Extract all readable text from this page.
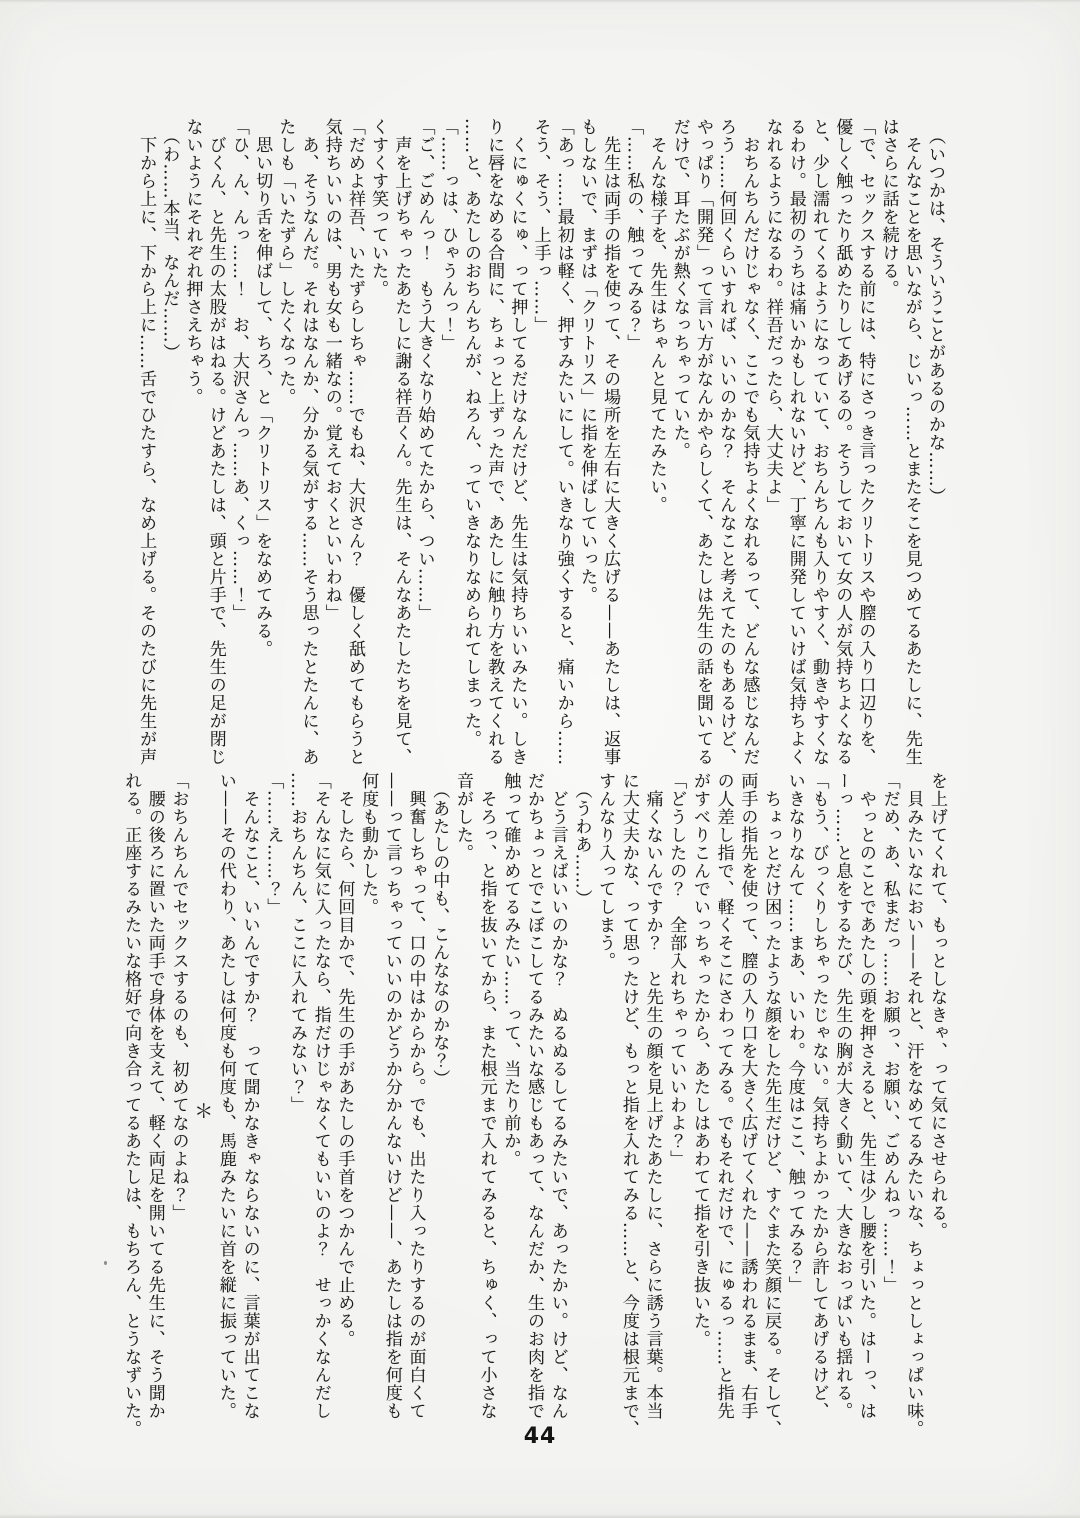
　（いつかは、そういうことがあるのかな……）

　そんなことを思いながら、じいっ……とまたそこを見つめてるあたしに、先生

はさらに話を続ける。

「で、セックスする前には、特にさっき言ったクリトリスや膣の入り口辺りを、

優しく触ったり舐めたりしてあげるの。そうしておいて女の人が気持ちよくなる

と、少し濡れてくるようになっていて、おちんちんも入りやすく、動きやすくな

るわけ。最初のうちは痛いかもしれないけど、丁寧に開発していけば気持ちよく

なれるようになるわ。祥吾だったら、大丈夫よ」

　おちんちんだけじゃなく、ここでも気持ちよくなれるって、どんな感じなんだ

ろう……何回くらいすれば、いいのかな？　そんなこと考えてたのもあるけど、

やっぱり「開発」って言い方がなんかやらしくて、あたしは先生の話を聞いてる

だけで、耳たぶが熱くなっちゃっていた。

　そんな様子を、先生はちゃんと見てたみたい。

「……私の、触ってみる？」

　先生は両手の指を使って、その場所を左右に大きく広げる——あたしは、返事

もしないで、まずは「クリトリス」に指を伸ばしていった。

「あっ……最初は軽く、押すみたいにして。いきなり強くすると、痛いから……

そう、そう、上手っ……」

　くにゅくにゅ、って押してるだけなんだけど、先生は気持ちいいみたい。しき

りに唇をなめる合間に、ちょっと上ずった声で、あたしに触り方を教えてくれる

……と、あたしのおちんちんが、ねろん、っていきなりなめられてしまった。

「……っは、ひゃうんっ！」

「ご、ごめんっ！　もう大きくなり始めてたから、つい……」

　声を上げちゃったあたしに謝る祥吾くん。先生は、そんなあたしたちを見て、

くすくす笑っていた。

「だめよ祥吾、いたずらしちゃ……でもね、大沢さん？　優しく舐めてもらうと

気持ちいいのは、男も女も一緒なの。覚えておくといいわね」

　あ、そうなんだ。それはなんか、分かる気がする……そう思ったとたんに、あ

たしも「いたずら」したくなった。

　思い切り舌を伸ばして、ちろ、と「クリトリス」をなめてみる。

「ひ、ん、んっ……！　お、大沢さんっ……あ、くっ……！」

　びくん、と先生の太股がはねる。けどあたしは、頭と片手で、先生の足が閉じ

ないようにそれぞれ押さえちゃう。

　（わ……本当、なんだ……）

　下から上に、下から上に……舌でひたすら、なめ上げる。そのたびに先生が声

を上げてくれて、もっとしなきゃ、って気にさせられる。

　貝みたいなにおい——それと、汗をなめてるみたいな、ちょっとしょっぱい味。

「だめ、あ、私まだっ……お願っ、お願い、ごめんねっ……！」

　やっとのことであたしの頭を押さえると、先生は少し腰を引いた。はーっ、は

ーっ……と息をするたび、先生の胸が大きく動いて、大きなおっぱいも揺れる。

「もう、びっくりしちゃったじゃない。気持ちよかったから許してあげるけど、

いきなりなんて……まあ、いいわ。今度はここ、触ってみる？」

　ちょっとだけ困ったような顔をした先生だけど、すぐまた笑顔に戻る。そして、

両手の指先を使って、膣の入り口を大きく広げてくれた——誘われるまま、右手

の人差し指で、軽くそこにさわってみる。でもそれだけで、にゅるっ……と指先

がすべりこんでいっちゃったから、あたしはあわてて指を引き抜いた。

「どうしたの？　全部入れちゃっていいわよ？」

　痛くないんですか？　と先生の顔を見上げたあたしに、さらに誘う言葉。本当

に大丈夫かな、って思ったけど、もっと指を入れてみる……と、今度は根元まで、

すんなり入ってしまう。

　（うわあ……）

　どう言えばいいのかな？　ぬるぬるしてるみたいで、あったかい。けど、なん

だかちょっとでこぼこしてるみたいな感じもあって、なんだか、生のお肉を指で

触って確かめてるみたい……って、当たり前か。

　そろっ、と指を抜いてから、また根元まで入れてみると、ちゅく、って小さな

音がした。

　（あたしの中も、こんななのかな？）

　興奮しちゃって、口の中はからから。でも、出たり入ったりするのが面白くて

——って言っちゃっていいのかどうか分かんないけど——、あたしは指を何度も

何度も動かした。

　そしたら、何回目かで、先生の手があたしの手首をつかんで止める。

「そんなに気に入ったなら、指だけじゃなくてもいいのよ？　せっかくなんだし

……おちんちん、ここに入れてみない？」

「……え……？」

　そんなこと、いいんですか？　って聞かなきゃならないのに、言葉が出てこな

い——その代わり、あたしは何度も何度も、馬鹿みたいに首を縦に振っていた。

＊

「おちんちんでセックスするのも、初めてなのよね？」

　腰の後ろに置いた両手で身体を支えて、軽く両足を開いてる先生に、そう聞か

れる。正座するみたいな格好で向き合ってるあたしは、もちろん、とうなずいた。	44
